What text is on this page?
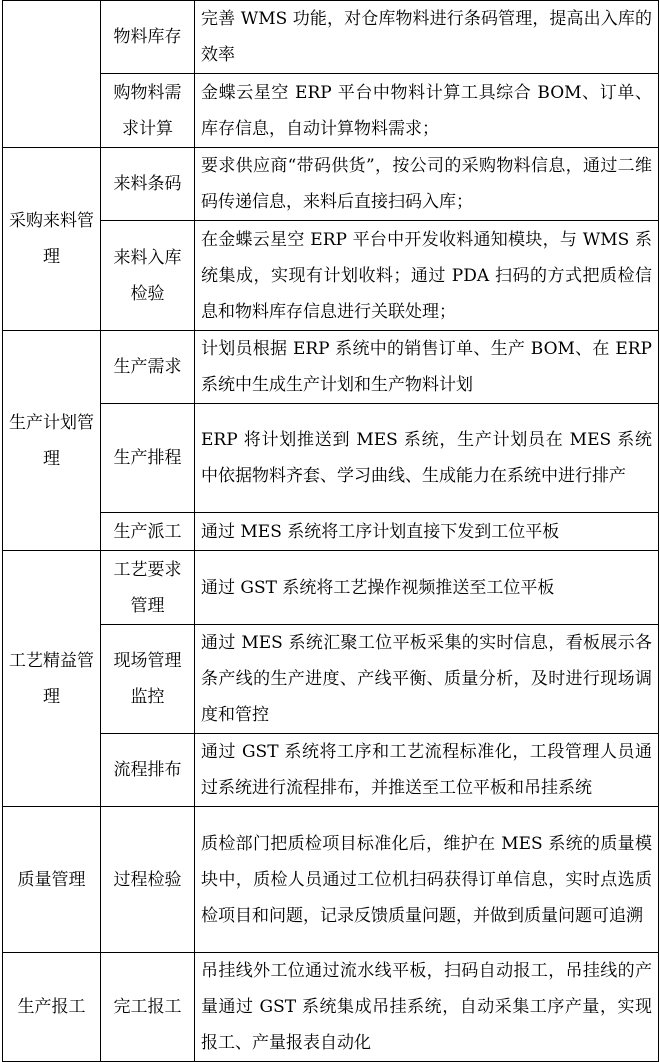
	物料库存	完善 WMS 功能，对仓库物料进行条码管理，提高出入库的效率
	购物料需求计算	金蝶云星空 ERP 平台中物料计算工具综合 BOM、订单、库存信息，自动计算物料需求；
采购来料管理	来料条码	要求供应商“带码供货”，按公司的采购物料信息，通过二维码传递信息，来料后直接扫码入库；
	来料入库检验	在金蝶云星空 ERP 平台中开发收料通知模块，与 WMS 系统集成，实现有计划收料；通过 PDA 扫码的方式把质检信息和物料库存信息进行关联处理；
生产计划管理	生产需求	计划员根据 ERP 系统中的销售订单、生产 BOM、在 ERP 系统中生成生产计划和生产物料计划
	生产排程	ERP 将计划推送到 MES 系统，生产计划员在 MES 系统中依据物料齐套、学习曲线、生成能力在系统中进行排产
	生产派工	通过 MES 系统将工序计划直接下发到工位平板
工艺精益管理	工艺要求管理	通过 GST 系统将工艺操作视频推送至工位平板
	现场管理监控	通过 MES 系统汇聚工位平板采集的实时信息，看板展示各条产线的生产进度、产线平衡、质量分析，及时进行现场调度和管控
	流程排布	通过 GST 系统将工序和工艺流程标准化，工段管理人员通过系统进行流程排布，并推送至工位平板和吊挂系统
质量管理	过程检验	质检部门把质检项目标准化后，维护在 MES 系统的质量模块中，质检人员通过工位机扫码获得订单信息，实时点选质检项目和问题，记录反馈质量问题，并做到质量问题可追溯
生产报工	完工报工	吊挂线外工位通过流水线平板，扫码自动报工，吊挂线的产量通过 GST 系统集成吊挂系统，自动采集工序产量，实现报工、产量报表自动化
